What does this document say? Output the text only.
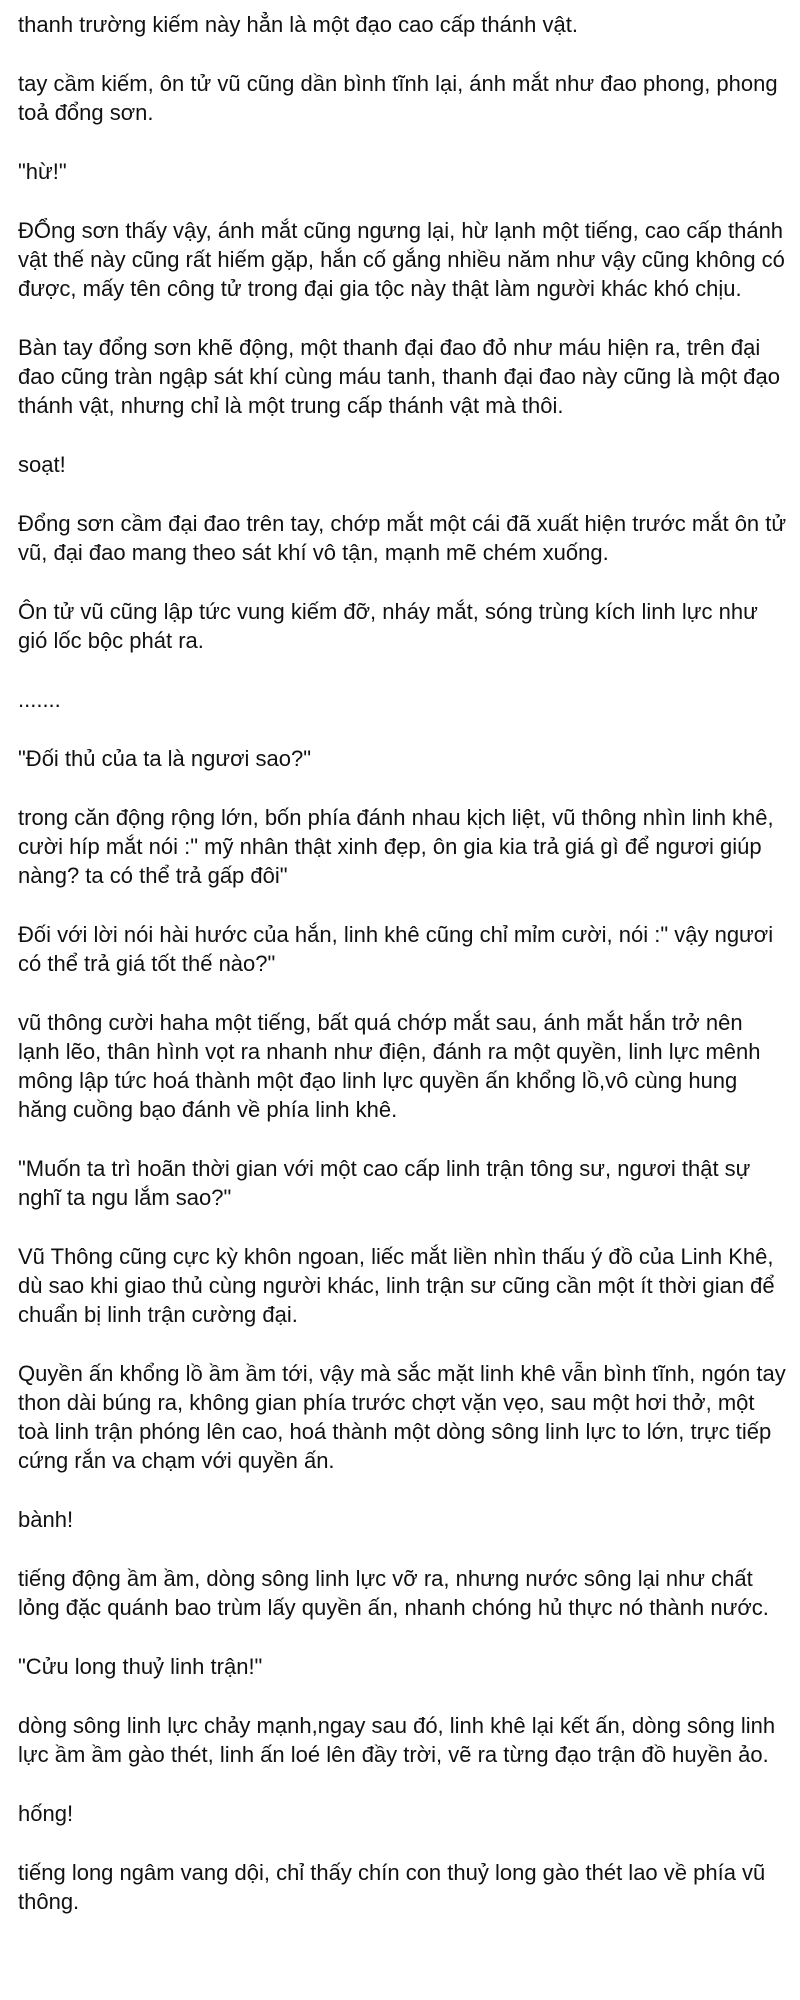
thanh trường kiếm này hẳn là một đạo cao cấp thánh vật.

tay cầm kiếm, ôn tử vũ cũng dần bình tĩnh lại, ánh mắt như đao phong, phong toả đổng sơn.

"hừ!"

ĐỔng sơn thấy vậy, ánh mắt cũng ngưng lại, hừ lạnh một tiếng, cao cấp thánh vật thế này cũng rất hiếm gặp, hắn cố gắng nhiều năm như vậy cũng không có được, mấy tên công tử trong đại gia tộc này thật làm người khác khó chịu.

Bàn tay đổng sơn khẽ động, một thanh đại đao đỏ như máu hiện ra, trên đại đao cũng tràn ngập sát khí cùng máu tanh, thanh đại đao này cũng là một đạo thánh vật, nhưng chỉ là một trung cấp thánh vật mà thôi.

soạt!

Đổng sơn cầm đại đao trên tay, chớp mắt một cái đã xuất hiện trước mắt ôn tử vũ, đại đao mang theo sát khí vô tận, mạnh mẽ chém xuống.

Ôn tử vũ cũng lập tức vung kiếm đỡ, nháy mắt, sóng trùng kích linh lực như gió lốc bộc phát ra.

.......

"Đối thủ của ta là ngươi sao?"

trong căn động rộng lớn, bốn phía đánh nhau kịch liệt, vũ thông nhìn linh khê, cười híp mắt nói :" mỹ nhân thật xinh đẹp, ôn gia kia trả giá gì để ngươi giúp nàng? ta có thể trả gấp đôi"

Đối với lời nói hài hước của hắn, linh khê cũng chỉ mỉm cười, nói :" vậy ngươi có thể trả giá tốt thế nào?"

vũ thông cười haha một tiếng, bất quá chớp mắt sau, ánh mắt hắn trở nên lạnh lẽo, thân hình vọt ra nhanh như điện, đánh ra một quyền, linh lực mênh mông lập tức hoá thành một đạo linh lực quyền ấn khổng lồ,vô cùng hung hăng cuồng bạo đánh về phía linh khê.

"Muốn ta trì hoãn thời gian với một cao cấp linh trận tông sư, ngươi thật sự nghĩ ta ngu lắm sao?"

Vũ Thông cũng cực kỳ khôn ngoan, liếc mắt liền nhìn thấu ý đồ của Linh Khê, dù sao khi giao thủ cùng người khác, linh trận sư cũng cần một ít thời gian để chuẩn bị linh trận cường đại.

Quyền ấn khổng lồ ầm ầm tới, vậy mà sắc mặt linh khê vẫn bình tĩnh, ngón tay thon dài búng ra, không gian phía trước chợt vặn vẹo, sau một hơi thở, một toà linh trận phóng lên cao, hoá thành một dòng sông linh lực to lớn, trực tiếp cứng rắn va chạm với quyền ấn.

bành!

tiếng động ầm ầm, dòng sông linh lực vỡ ra, nhưng nước sông lại như chất lỏng đặc quánh bao trùm lấy quyền ấn, nhanh chóng hủ thực nó thành nước.

"Cửu long thuỷ linh trận!"

dòng sông linh lực chảy mạnh,ngay sau đó, linh khê lại kết ấn, dòng sông linh lực ầm ầm gào thét, linh ấn loé lên đầy trời, vẽ ra từng đạo trận đồ huyền ảo.

hống!

tiếng long ngâm vang dội, chỉ thấy chín con thuỷ long gào thét lao về phía vũ thông.
